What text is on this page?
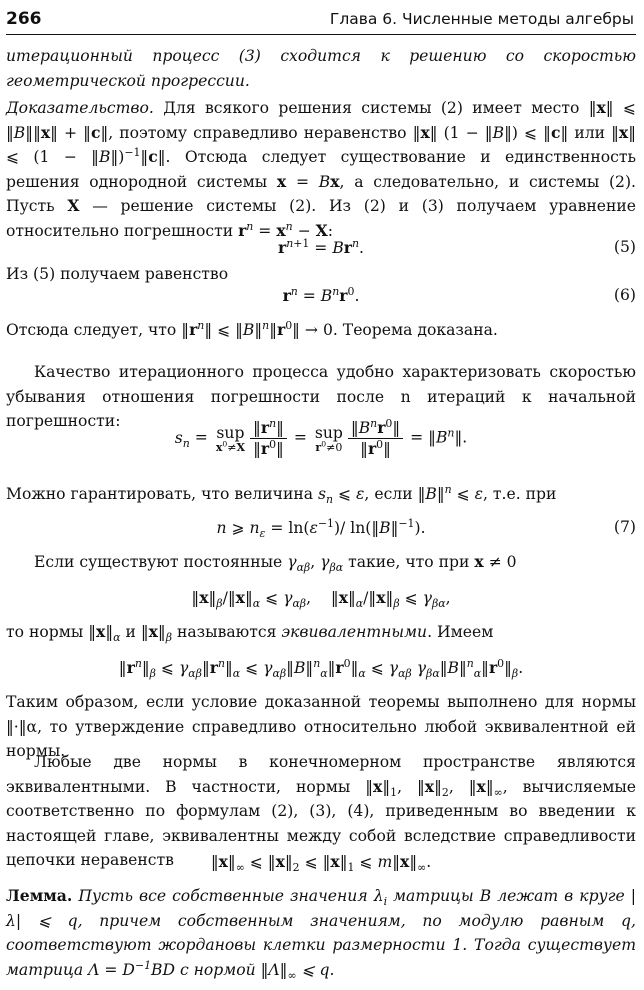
266	Глава 6. Численные методы алгебры

итерационный процесс (3) сходится к решению со скоростью геометрической прогрессии.

Доказательство. Для всякого решения системы (2) имеет место ‖x‖ ⩽ ‖B‖‖x‖ + ‖c‖, поэтому справедливо неравенство ‖x‖ (1 − ‖B‖) ⩽ ‖c‖ или ‖x‖ ⩽ (1 − ‖B‖)$^{-1}$‖c‖. Отсюда следует существование и единственность решения однородной системы x = Bx, а следовательно, и системы (2). Пусть X — решение системы (2). Из (2) и (3) получаем уравнение относительно погрешности $r^n = x^n - X$:

$r^{n+1} = Br^n$.	(5)

Из (5) получаем равенство

$r^n = B^nr^0$.	(6)

Отсюда следует, что $‖r^n‖$ ⩽ $‖B‖^n‖r^0‖ \to 0$. Теорема доказана.

Качество итерационного процесса удобно характеризовать скоростью убывания отношения погрешности после n итераций к начальной погрешности:

$s_n$ = sup
$x^0\ne X \frac{‖r^n‖}{‖r^0‖}$ = sup
$r^0\ne 0 \frac{‖B^nr^0‖}{‖r^0‖}$ = $‖B^n‖$.

Можно гарантировать, что величина $s_n$ ⩽ ε, если ‖B‖$^n$ ⩽ ε, т.е. при

n ⩾ $n_\varepsilon = \ln(\varepsilon^{-1})/$ ln(‖B‖$^{-1}$).	(7)

Если существуют постоянные $\gamma_{\alpha\beta}$, $\gamma_{\beta\alpha}$ такие, что при x ≠ 0

$‖x‖_\beta/‖x‖_\alpha$ ⩽ $\gamma_{\alpha\beta}$,    $‖x‖_\alpha/‖x‖_\beta$ ⩽ $\gamma_{\beta\alpha}$,

то нормы $‖x‖_\alpha$ и $‖x‖_\beta$ называются эквивалентными. Имеем

$‖r^n‖_\beta$ ⩽ $\gamma_{\alpha\beta}‖r^n‖_\alpha$ ⩽ $\gamma_{\alpha\beta}‖B‖^n_\alpha‖r^0‖_\alpha$ ⩽ $\gamma_{\alpha\beta}$ $\gamma_{\beta\alpha}‖B‖^n_\alpha‖r^0‖_\beta$.

Таким образом, если условие доказанной теоремы выполнено для нормы ‖·‖α, то утверждение справедливо относительно любой эквивалентной ей нормы.

Любые две нормы в конечномерном пространстве являются эквивалентными. В частности, нормы $‖x‖_1$, $‖x‖_2$, $‖x‖_\infty$, вычисляемые соответственно по формулам (2), (3), (4), приведенным во введении к настоящей главе, эквивалентны между собой вследствие справедливости цепочки неравенств	$‖x‖_\infty$ ⩽ $‖x‖_2$ ⩽ $‖x‖_1$ ⩽ $m‖x‖_\infty$.

Лемма. Пусть все собственные значения $\lambda_i$ матрицы B лежат в круге |λ| ⩽ q, причем собственным значениям, по модулю равным q, соответствуют жордановы клетки размерности 1. Тогда существует матрица $\Lambda = D^{-1}BD$ с нормой $‖\Lambda‖_\infty$ ⩽ q.
